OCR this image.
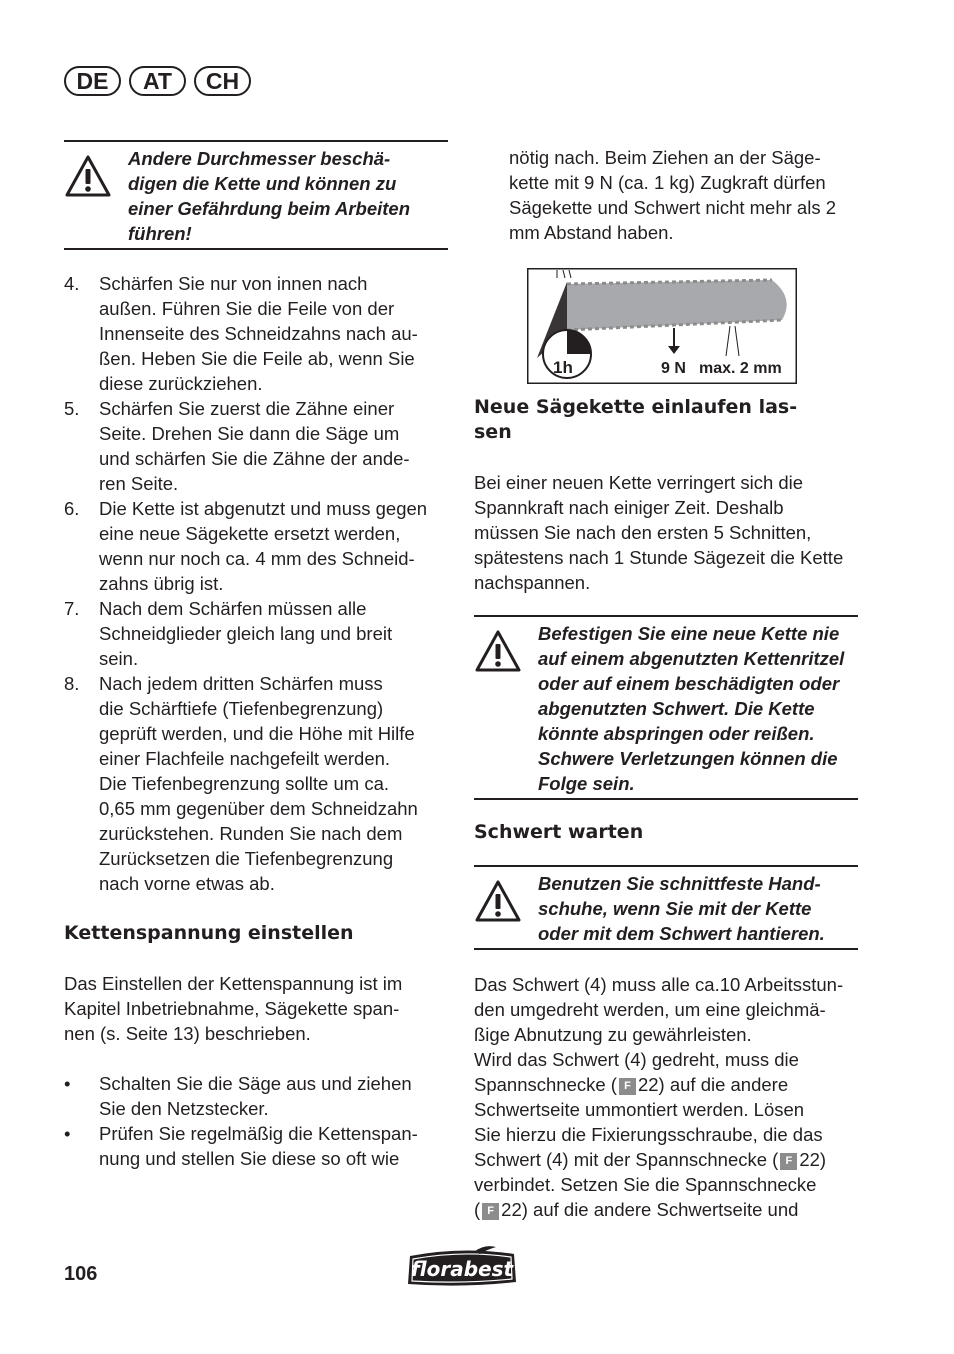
DE	AT	CH
Andere Durchmesser beschä-
digen die Kette und können zu
einer Gefährdung beim Arbeiten
führen!
4. Schärfen Sie nur von innen nach
außen. Führen Sie die Feile von der
Innenseite des Schneidzahns nach au-
ßen. Heben Sie die Feile ab, wenn Sie
diese zurückziehen.
5. Schärfen Sie zuerst die Zähne einer
Seite. Drehen Sie dann die Säge um
und schärfen Sie die Zähne der ande-
ren Seite.
6. Die Kette ist abgenutzt und muss gegen
eine neue Sägekette ersetzt werden,
wenn nur noch ca. 4 mm des Schneid-
zahns übrig ist.
7. Nach dem Schärfen müssen alle
Schneidglieder gleich lang und breit
sein.
8. Nach jedem dritten Schärfen muss
die Schärftiefe (Tiefenbegrenzung)
geprüft werden, und die Höhe mit Hilfe
einer Flachfeile nachgefeilt werden.
Die Tiefenbegrenzung sollte um ca.
0,65 mm gegenüber dem Schneidzahn
zurückstehen. Runden Sie nach dem
Zurücksetzen die Tiefenbegrenzung
nach vorne etwas ab.
Kettenspannung einstellen

Das Einstellen der Kettenspannung ist im
Kapitel Inbetriebnahme, Sägekette span-
nen (s. Seite 13) beschrieben.

• Schalten Sie die Säge aus und ziehen
Sie den Netzstecker.
• Prüfen Sie regelmäßig die Kettenspan-
nung und stellen Sie diese so oft wie

nötig nach. Beim Ziehen an der Säge-
kette mit 9 N (ca. 1 kg) Zugkraft dürfen
Sägekette und Schwert nicht mehr als 2
mm Abstand haben.

1h	9 N max. 2 mm
Neue Sägekette einlaufen las-
sen

Bei einer neuen Kette verringert sich die
Spannkraft nach einiger Zeit. Deshalb
müssen Sie nach den ersten 5 Schnitten,
spätestens nach 1 Stunde Sägezeit die Kette
nachspannen.

Befestigen Sie eine neue Kette nie
auf einem abgenutzten Kettenritzel
oder auf einem beschädigten oder
abgenutzten Schwert. Die Kette
könnte abspringen oder reißen.
Schwere Verletzungen können die
Folge sein.
Schwert warten
Benutzen Sie schnittfeste Hand-
schuhe, wenn Sie mit der Kette
oder mit dem Schwert hantieren.

Das Schwert (4) muss alle ca.10 Arbeitsstun-
den umgedreht werden, um eine gleichmä-
ßige Abnutzung zu gewährleisten.
Wird das Schwert (4) gedreht, muss die
Spannschnecke ( F 22) auf die andere
Schwertseite ummontiert werden. Lösen
Sie hierzu die Fixierungsschraube, die das
Schwert (4) mit der Spannschnecke ( F 22)
verbindet. Setzen Sie die Spannschnecke
( F 22) auf die andere Schwertseite und

106	florabest
